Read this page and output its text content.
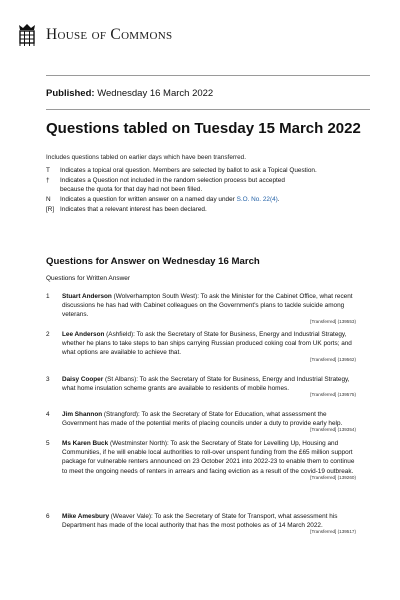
House of Commons
Published: Wednesday 16 March 2022
Questions tabled on Tuesday 15 March 2022
Includes questions tabled on earlier days which have been transferred.
T	Indicates a topical oral question. Members are selected by ballot to ask a Topical Question.
†	Indicates a Question not included in the random selection process but accepted because the quota for that day had not been filled.
N	Indicates a question for written answer on a named day under S.O. No. 22(4).
[R] Indicates that a relevant interest has been declared.
Questions for Answer on Wednesday 16 March
Questions for Written Answer
1	Stuart Anderson (Wolverhampton South West): To ask the Minister for the Cabinet Office, what recent discussions he has had with Cabinet colleagues on the Government's plans to tackle suicide among veterans.
[Transferred] (139553)
2	Lee Anderson (Ashfield): To ask the Secretary of State for Business, Energy and Industrial Strategy, whether he plans to take steps to ban ships carrying Russian produced coking coal from UK ports; and what options are available to achieve that.
[Transferred] (139562)
3	Daisy Cooper (St Albans): To ask the Secretary of State for Business, Energy and Industrial Strategy, what home insulation scheme grants are available to residents of mobile homes.
[Transferred] (139575)
4	Jim Shannon (Strangford): To ask the Secretary of State for Education, what assessment the Government has made of the potential merits of placing councils under a duty to provide early help.
[Transferred] (139354)
5	Ms Karen Buck (Westminster North): To ask the Secretary of State for Levelling Up, Housing and Communities, if he will enable local authorities to roll-over unspent funding from the £65 million support package for vulnerable renters announced on 23 October 2021 into 2022-23 to enable them to continue to meet the ongoing needs of renters in arrears and facing eviction as a result of the covid-19 outbreak.
[Transferred] (139260)
6	Mike Amesbury (Weaver Vale): To ask the Secretary of State for Transport, what assessment his Department has made of the local authority that has the most potholes as of 14 March 2022.
[Transferred] (139517)
